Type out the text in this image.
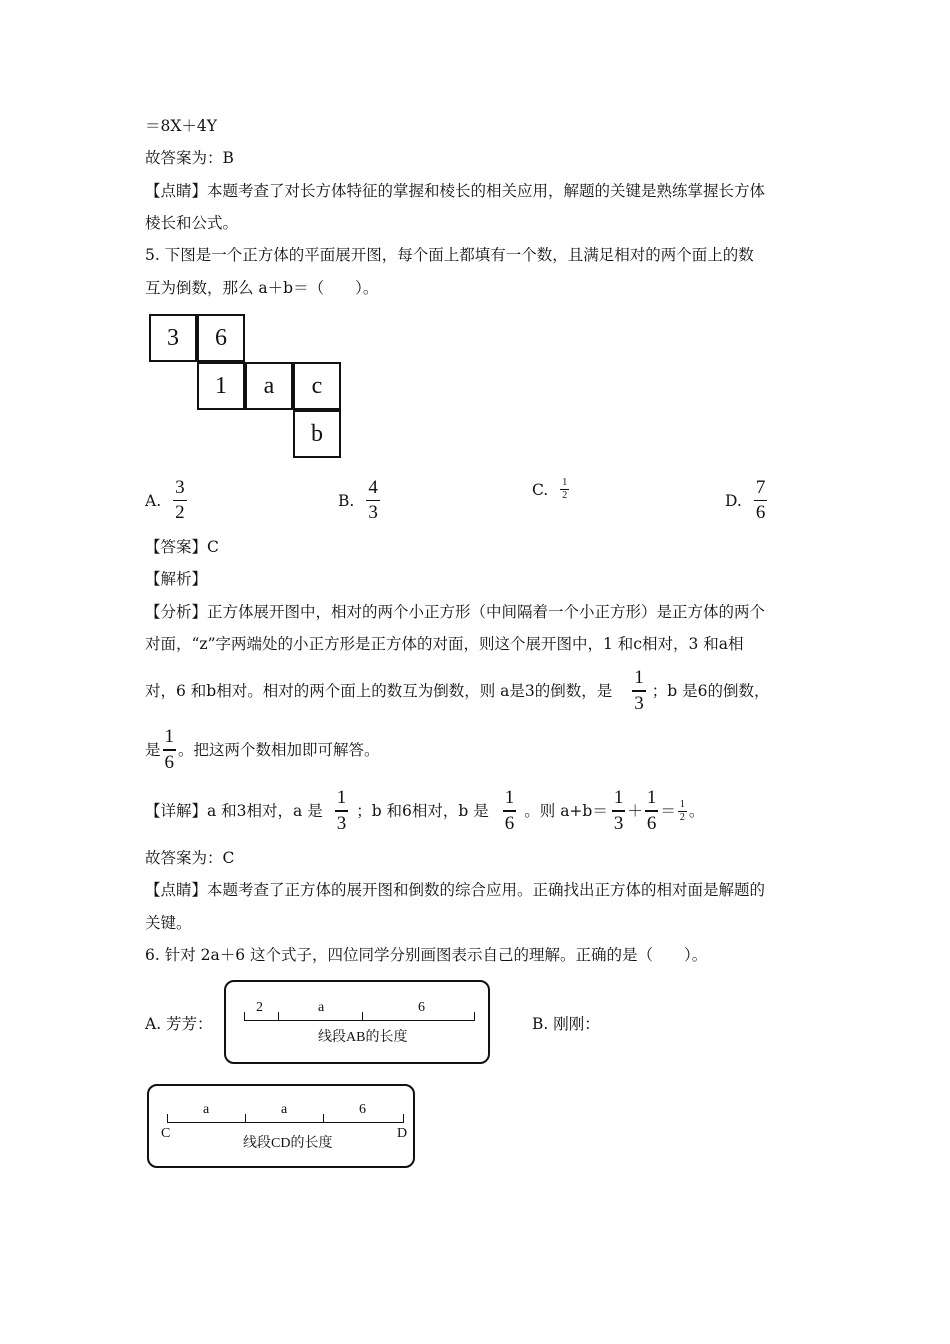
＝8X＋4Y
故答案为：B
【点睛】本题考查了对长方体特征的掌握和棱长的相关应用，解题的关键是熟练掌握长方体
棱长和公式。
5. 下图是一个正方体的平面展开图，每个面上都填有一个数，且满足相对的两个面上的数
互为倒数，那么 a＋b＝（　　）。
3	6
1	a	c
b
A. $\frac{3}{2}$	B. $\frac{4}{3}$	C. $\frac{1}{2}$	D. $\frac{7}{6}$
【答案】C
【解析】
【分析】正方体展开图中，相对的两个小正方形（中间隔着一个小正方形）是正方体的两个
对面，“z”字两端处的小正方形是正方体的对面，则这个展开图中，1 和c相对，3 和a相
对，6 和b相对。相对的两个面上的数互为倒数，则 a是3的倒数，是 $\frac{1}{3}$ ；b 是6的倒数，
是 $\frac{1}{6}$ 。把这两个数相加即可解答。
【详解】a 和3相对，a 是 $\frac{1}{3}$ ；b 和6相对，b 是 $\frac{1}{6}$ 。则 $a+b= \frac{1}{3} + \frac{1}{6} = \frac{1}{2}$ 。
故答案为：C
【点睛】本题考查了正方体的展开图和倒数的综合应用。正确找出正方体的相对面是解题的
关键。
6. 针对 2a＋6 这个式子，四位同学分别画图表示自己的理解。正确的是（　　）。
A. 芳芳：	B. 刚刚：
2	a	6
线段AB的长度
a	a	6
C	D
线段CD的长度
